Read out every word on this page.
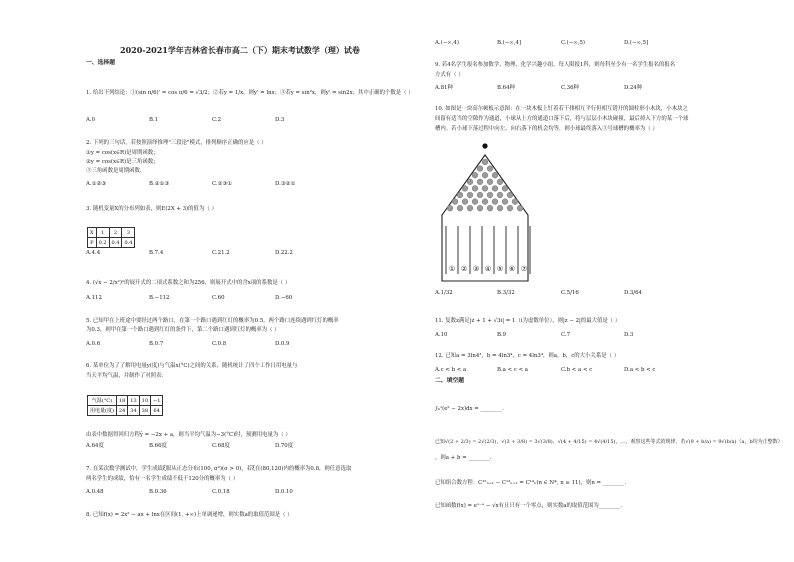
2020-2021学年吉林省长春市高二（下）期末考试数学（理）试卷
一、选择题
1. 给出下列结论：①(sin π/6)' = cos π/6 = √3/2；②若y = 1/x，则y' = lnx；③若y = sin²x，则y' = sin2x；其中正确的个数是（ ）
A.0	B.1	C.2	D.3
2. 下列的三句话，若按照演绎推理"三段论"模式，排列顺序正确的应是（ ）
①y = cos(x∈R)是周期函数；
②y = cos(x∈R)是三角函数；
③三角函数是周期函数.
A.①②③	B.②①③	C.②③①	D.③②①
3. 随机变量X的分布列如表，则E(2X + 3)的值为（ ）
X	1	2	3
P	0.2	0.4	0.4
A.4.4	B.7.4	C.21.2	D.22.2
4. (√x − 2/x²)ⁿ的展开式的二项式系数之和为256，则展开式中的含x项的系数是（ ）
A.112	B.−112	C.60	D.−60
5. 已知甲在上班途中要经过两个路口，在第一个路口遇到红灯的概率为0.5，两个路口连续遇到红灯的概率
为0.3，则甲在第一个路口遇到红灯的条件下，第二个路口遇到红灯的概率为（ ）
A.0.6	B.0.7	C.0.8	D.0.9
6. 某单位为了了解用电量y(度)与气温x(°C)之间的关系，随机统计了四个工作日用电量与
当天平均气温，并制作了对照表：
气温(°C)	18	13	10	−1
用电量(度)	24	34	38	64
由表中数据得回归方程ŷ = −2x + a，则当平均气温为−3(°C)时，预测用电量为（ ）
A.64度	B.66度	C.68度	D.70度
7. 在某次数学测试中，学生成绩ξ服从正态分布(100, σ²)(σ > 0)，若ξ在(80,120)内的概率为0.8，则任意选取
两名学生的成绩，恰有一名学生成绩不低于120分的概率为（ ）
A.0.48	B.0.36	C.0.18	D.0.10
8. 已知f(x) = 2x² − ax + lnx在区间(1, +∞)上单调递增，则实数a的取值范围是（ ）
A.(−∞,4)	B.(−∞,4]	C.(−∞,5)	D.(−∞,5]
9. 若4名学生报名参加数学、物理、化学兴趣小组，每人限报1科，则每科至少有一名学生报名的报名
方式有（ ）
A.81种	B.64种	C.36种	D.24种
10. 如图是一块高尔顿板示意图：在一块木板上钉着若干排相互平行但相互错开的圆柱形小木块，小木块之
间留有适当的空隙作为通道，小球从上方的通道口落下后，将与层层小木块碰撞，最后掉入下方的某一个球
槽内。若小球下落过程中向左、向右落下的机会均等，则小球最终落入③号球槽的概率为（ ）
① ② ③ ④ ⑤ ⑥ ⑦
A.1/32	B.3/32	C.5/16	D.3/64
11. 复数z满足|z + 1 + √3i| = 1（i为虚数单位），则|z − 2|的最大值是（ ）
A.10	B.9	C.7	D.3
12. 已知a = 3ln4³，b = 4ln3⁴，c = 4ln3⁴，则a，b，c的大小关系是（ ）
A.c < b < a	B.a < c < a	C.b < a < c	D.a < b < c
二、填空题
∫₀¹(e² − 2x)dx = ________.
已知√(2 + 2/3) = 2√(2/3)，√(3 + 3/8) = 3√(3/8)，√(4 + 4/15) = 4√(4/15)，…，观察这些等式的规律，若√(9 + b/a) = 9√(b/a)（a，b均为正整数）
，则a + b = ________.
已知组合数方程：C¹⁵ₙ₊₁ − C¹³ₙ₊₁ = C¹⁴ₙ(n ∈ N*, n ≥ 11)，则n = ________.
已知函数f(x) = eˣ⁻ᵃ − √x有且只有一个零点，则实数a的取值范围为________.
